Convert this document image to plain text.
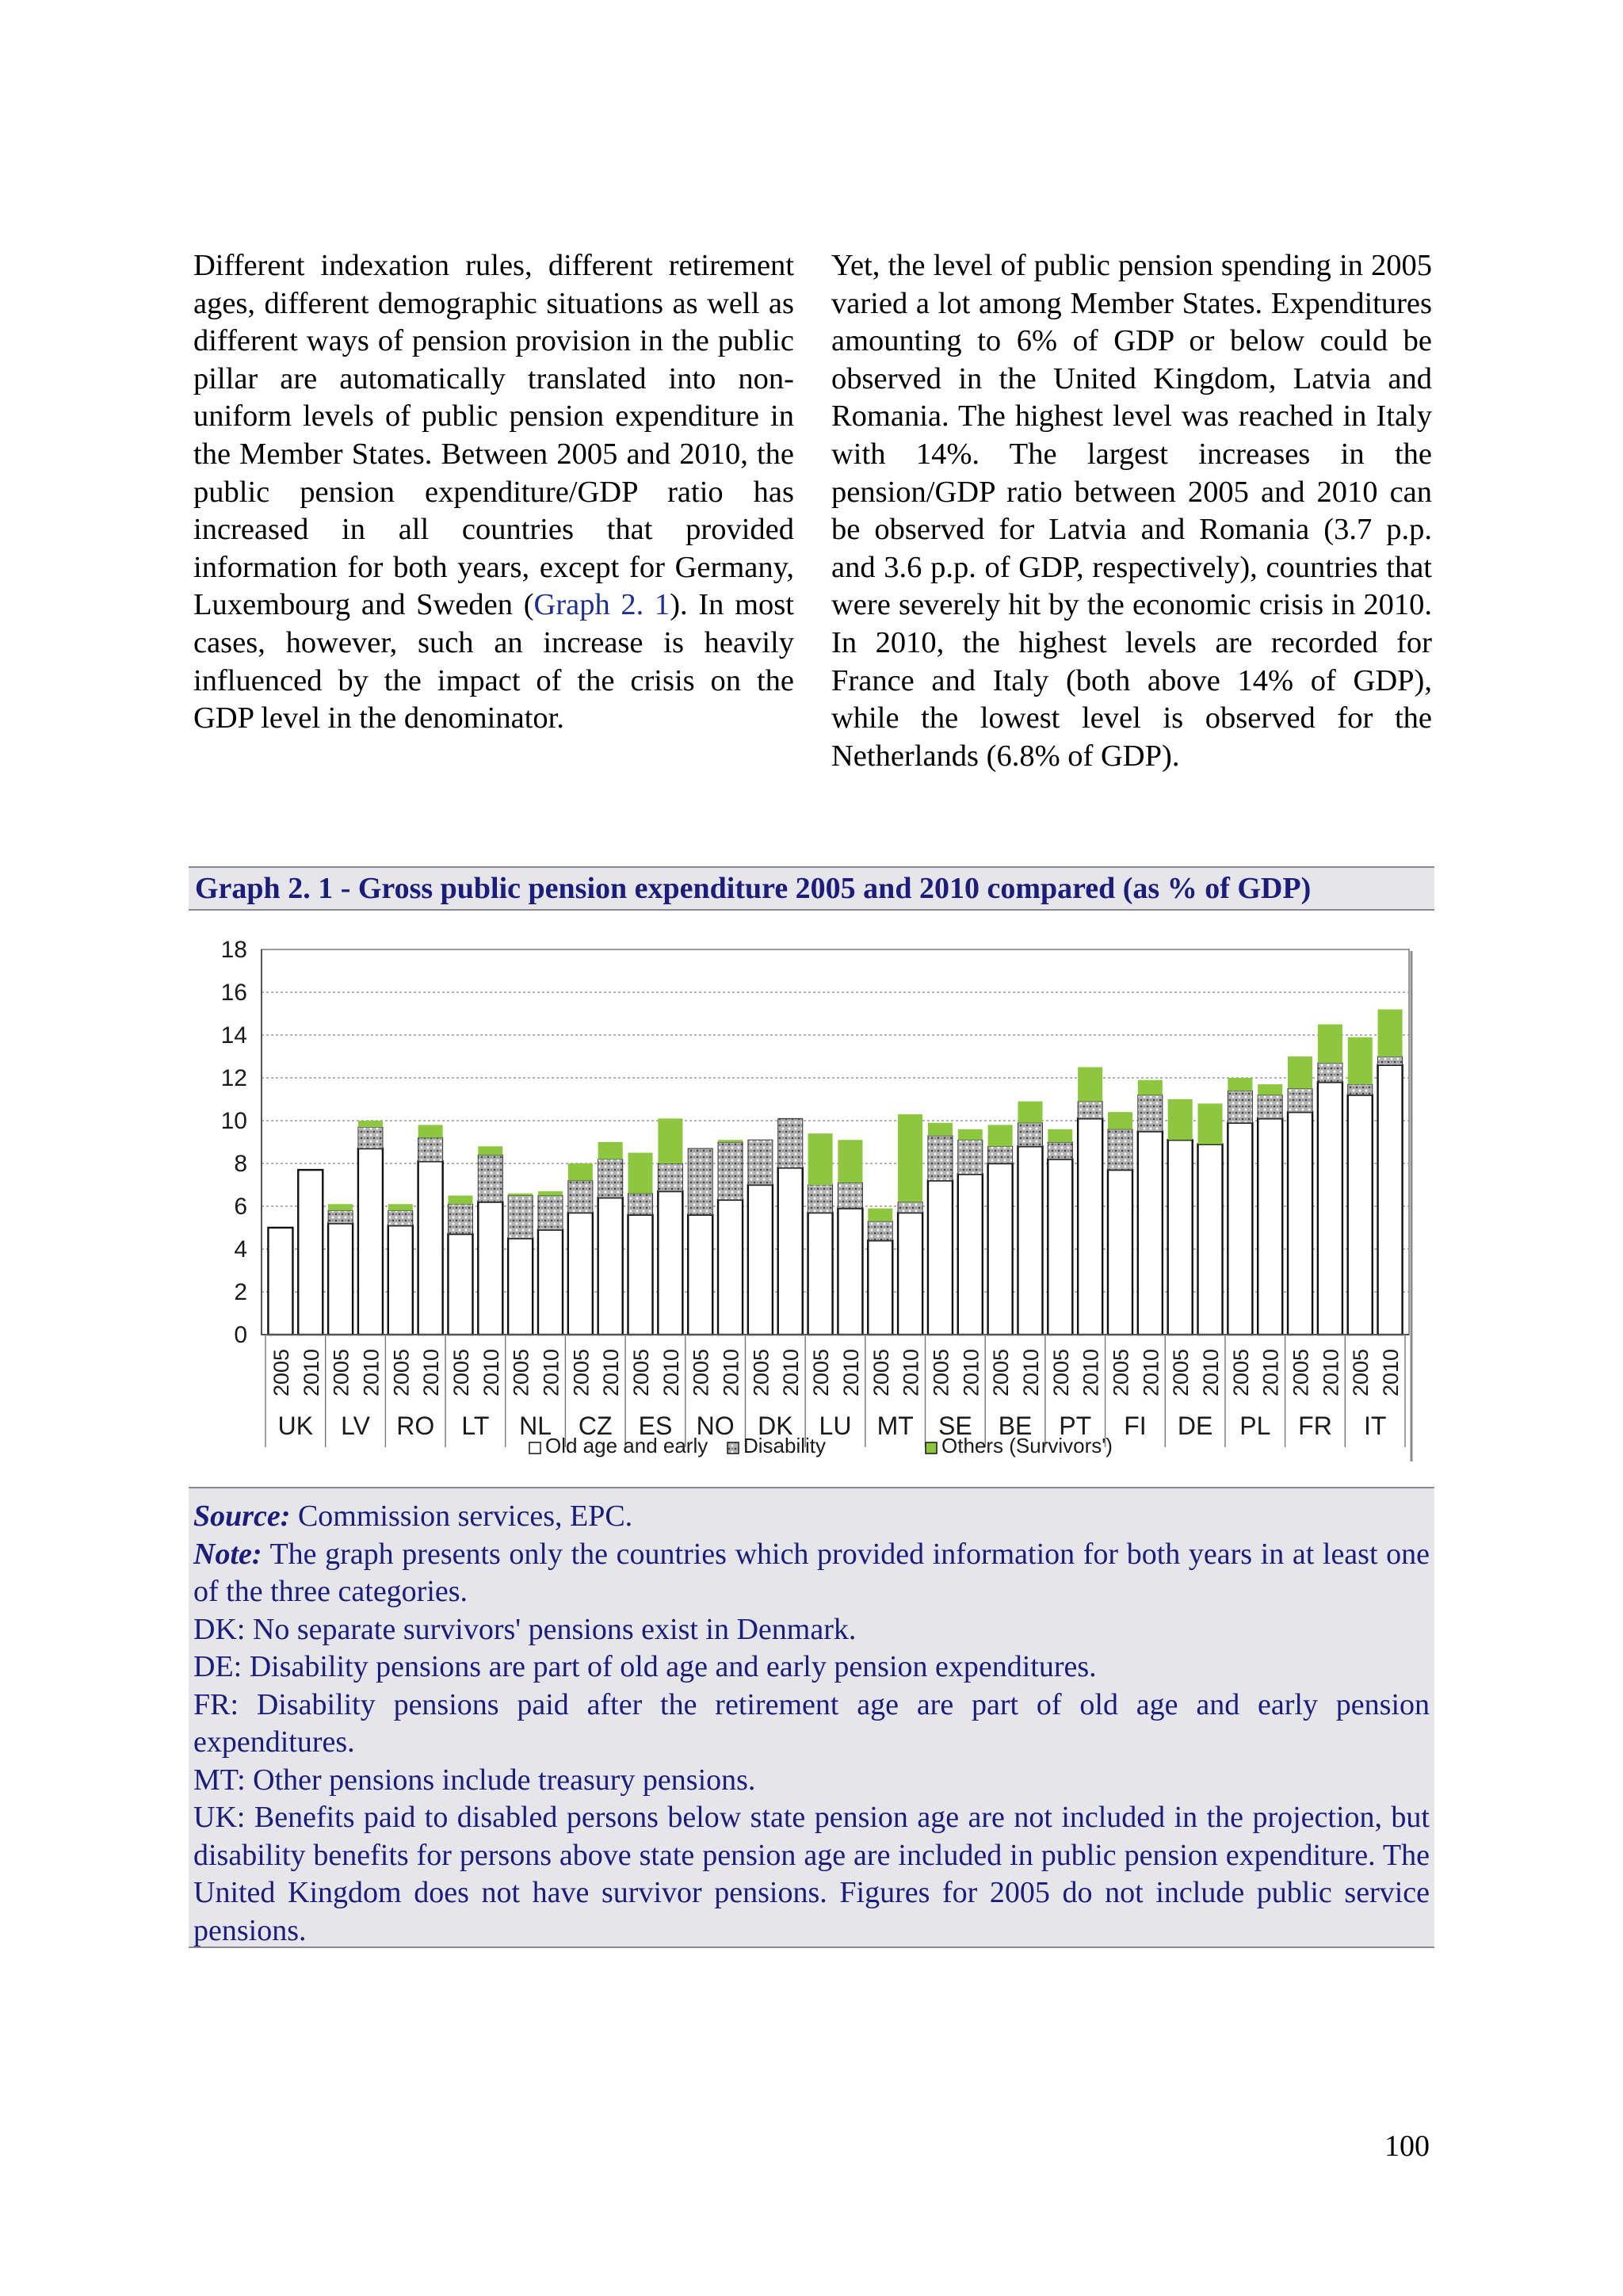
Different indexation rules, different retirement ages, different demographic situations as well as different ways of pension provision in the public pillar are automatically translated into non-uniform levels of public pension expenditure in the Member States. Between 2005 and 2010, the public pension expenditure/GDP ratio has increased in all countries that provided information for both years, except for Germany, Luxembourg and Sweden (Graph 2. 1). In most cases, however, such an increase is heavily influenced by the impact of the crisis on the GDP level in the denominator.

Yet, the level of public pension spending in 2005 varied a lot among Member States. Expenditures amounting to 6% of GDP or below could be observed in the United Kingdom, Latvia and Romania. The highest level was reached in Italy with 14%. The largest increases in the pension/GDP ratio between 2005 and 2010 can be observed for Latvia and Romania (3.7 p.p. and 3.6 p.p. of GDP, respectively), countries that were severely hit by the economic crisis in 2010. In 2010, the highest levels are recorded for France and Italy (both above 14% of GDP), while the lowest level is observed for the Netherlands (6.8% of GDP).

Graph 2. 1 - Gross public pension expenditure 2005 and 2010 compared (as % of GDP)
0
2
4
6
8
10
12
14
16
18
2005 2010 2005 2010 2005 2010 2005 2010 2005 2010 2005 2010 2005 2010 2005 2010 2005 2010 2005 2010 2005 2010 2005 2010 2005 2010 2005 2010 2005 2010 2005 2010 2005 2010 2005 2010 2005 2010
UK LV RO LT NL CZ ES NO DK LU MT SE BE PT FI DE PL FR IT
Old age and early Disability	Others (Survivors')

Source: Commission services, EPC.

Note: The graph presents only the countries which provided information for both years in at least one of the three categories.

DK: No separate survivors' pensions exist in Denmark.

DE: Disability pensions are part of old age and early pension expenditures.

FR: Disability pensions paid after the retirement age are part of old age and early pension expenditures.

MT: Other pensions include treasury pensions.

UK: Benefits paid to disabled persons below state pension age are not included in the projection, but disability benefits for persons above state pension age are included in public pension expenditure. The United Kingdom does not have survivor pensions. Figures for 2005 do not include public service pensions.

100
